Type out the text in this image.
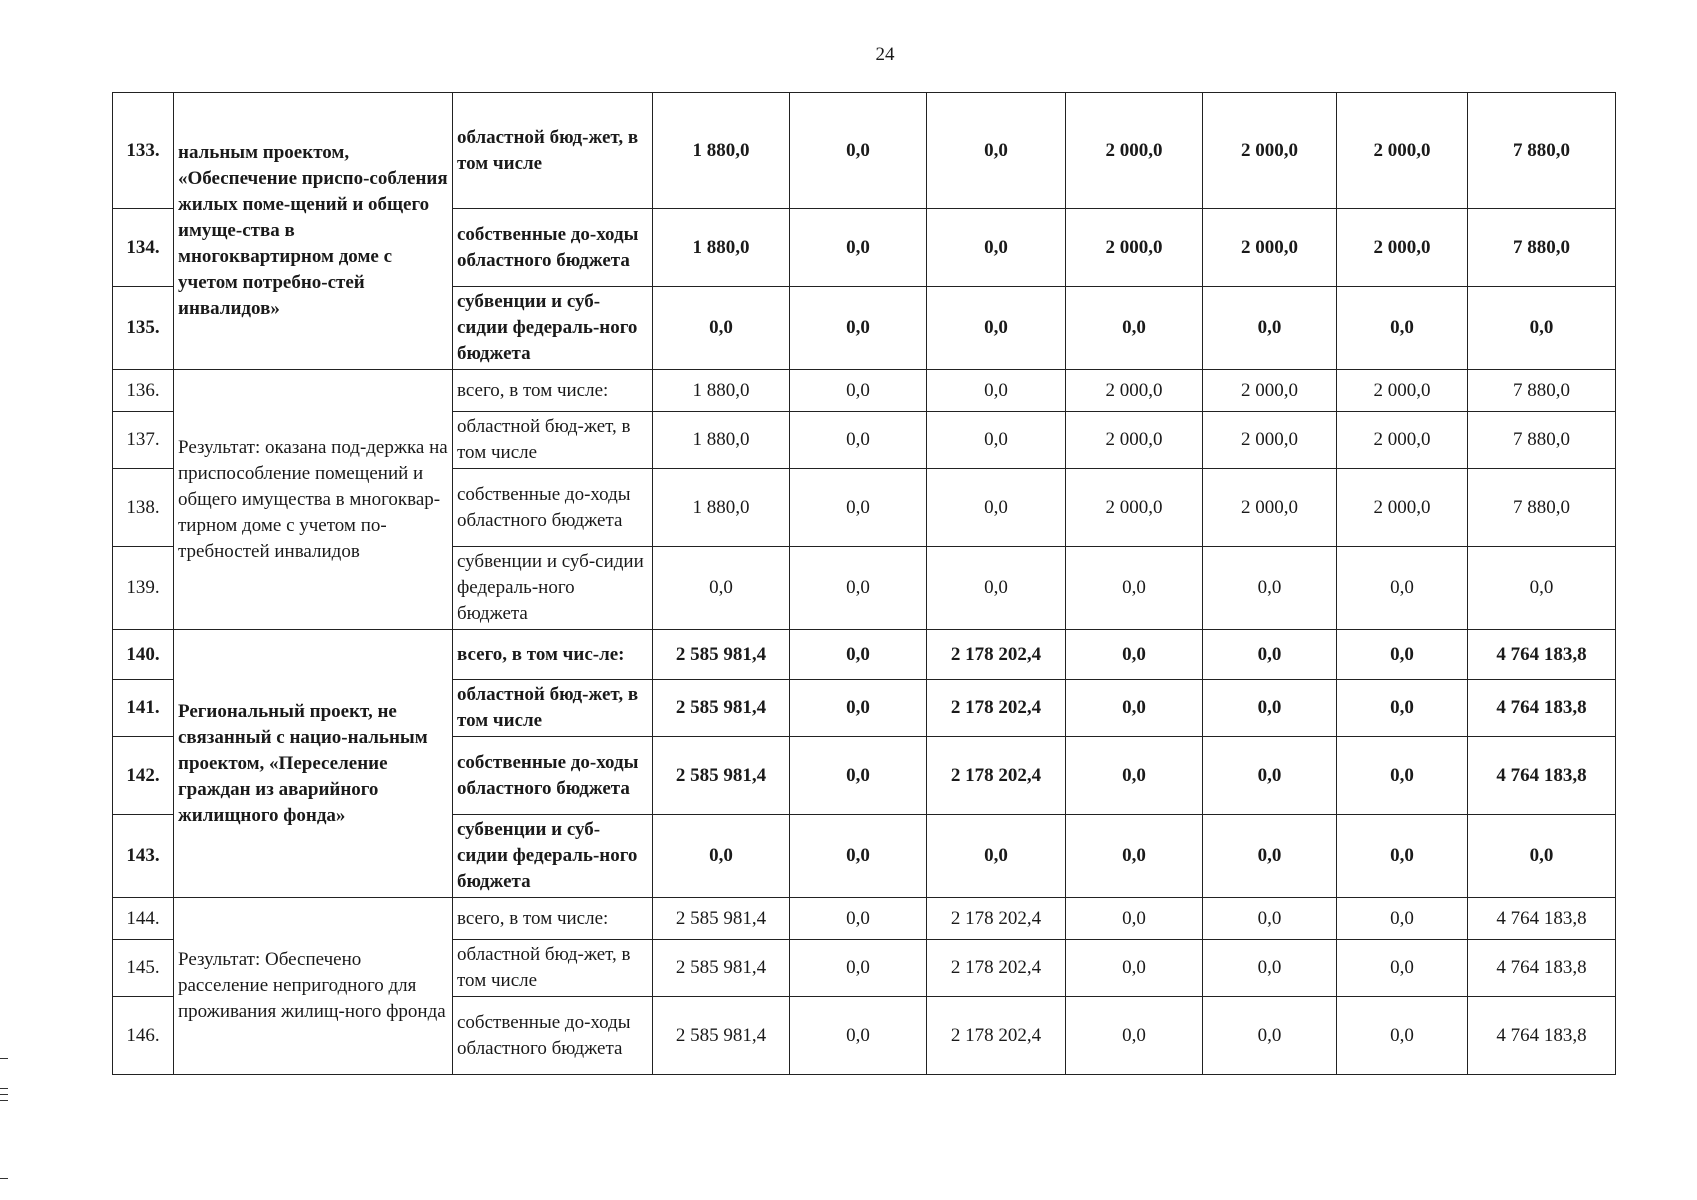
24
133.	нальным проектом, «Обеспечение приспо-собления жилых поме-щений и общего имуще-ства в многоквартирном доме с учетом потребно-стей инвалидов»	областной бюд-жет, в том числе	1 880,0	0,0	0,0	2 000,0	2 000,0	2 000,0	7 880,0
134.		собственные до-ходы областного бюджета	1 880,0	0,0	0,0	2 000,0	2 000,0	2 000,0	7 880,0
135.		субвенции и суб-сидии федераль-ного бюджета	0,0	0,0	0,0	0,0	0,0	0,0	0,0
136.	Результат: оказана под-держка на приспособление помещений и общего имущества в многоквар-тирном доме с учетом по-требностей инвалидов	всего, в том числе:	1 880,0	0,0	0,0	2 000,0	2 000,0	2 000,0	7 880,0
137.		областной бюд-жет, в том числе	1 880,0	0,0	0,0	2 000,0	2 000,0	2 000,0	7 880,0
138.		собственные до-ходы областного бюджета	1 880,0	0,0	0,0	2 000,0	2 000,0	2 000,0	7 880,0
139.		субвенции и суб-сидии федераль-ного бюджета	0,0	0,0	0,0	0,0	0,0	0,0	0,0
140.	Региональный проект, не связанный с нацио-нальным проектом, «Переселение граждан из аварийного жилищного фонда»	всего, в том чис-ле:	2 585 981,4	0,0	2 178 202,4	0,0	0,0	0,0	4 764 183,8
141.		областной бюд-жет, в том числе	2 585 981,4	0,0	2 178 202,4	0,0	0,0	0,0	4 764 183,8
142.		собственные до-ходы областного бюджета	2 585 981,4	0,0	2 178 202,4	0,0	0,0	0,0	4 764 183,8
143.		субвенции и суб-сидии федераль-ного бюджета	0,0	0,0	0,0	0,0	0,0	0,0	0,0
144.	Результат: Обеспечено расселение непригодного для проживания жилищ-ного фронда	всего, в том числе:	2 585 981,4	0,0	2 178 202,4	0,0	0,0	0,0	4 764 183,8
145.		областной бюд-жет, в том числе	2 585 981,4	0,0	2 178 202,4	0,0	0,0	0,0	4 764 183,8
146.		собственные до-ходы областного бюджета	2 585 981,4	0,0	2 178 202,4	0,0	0,0	0,0	4 764 183,8
